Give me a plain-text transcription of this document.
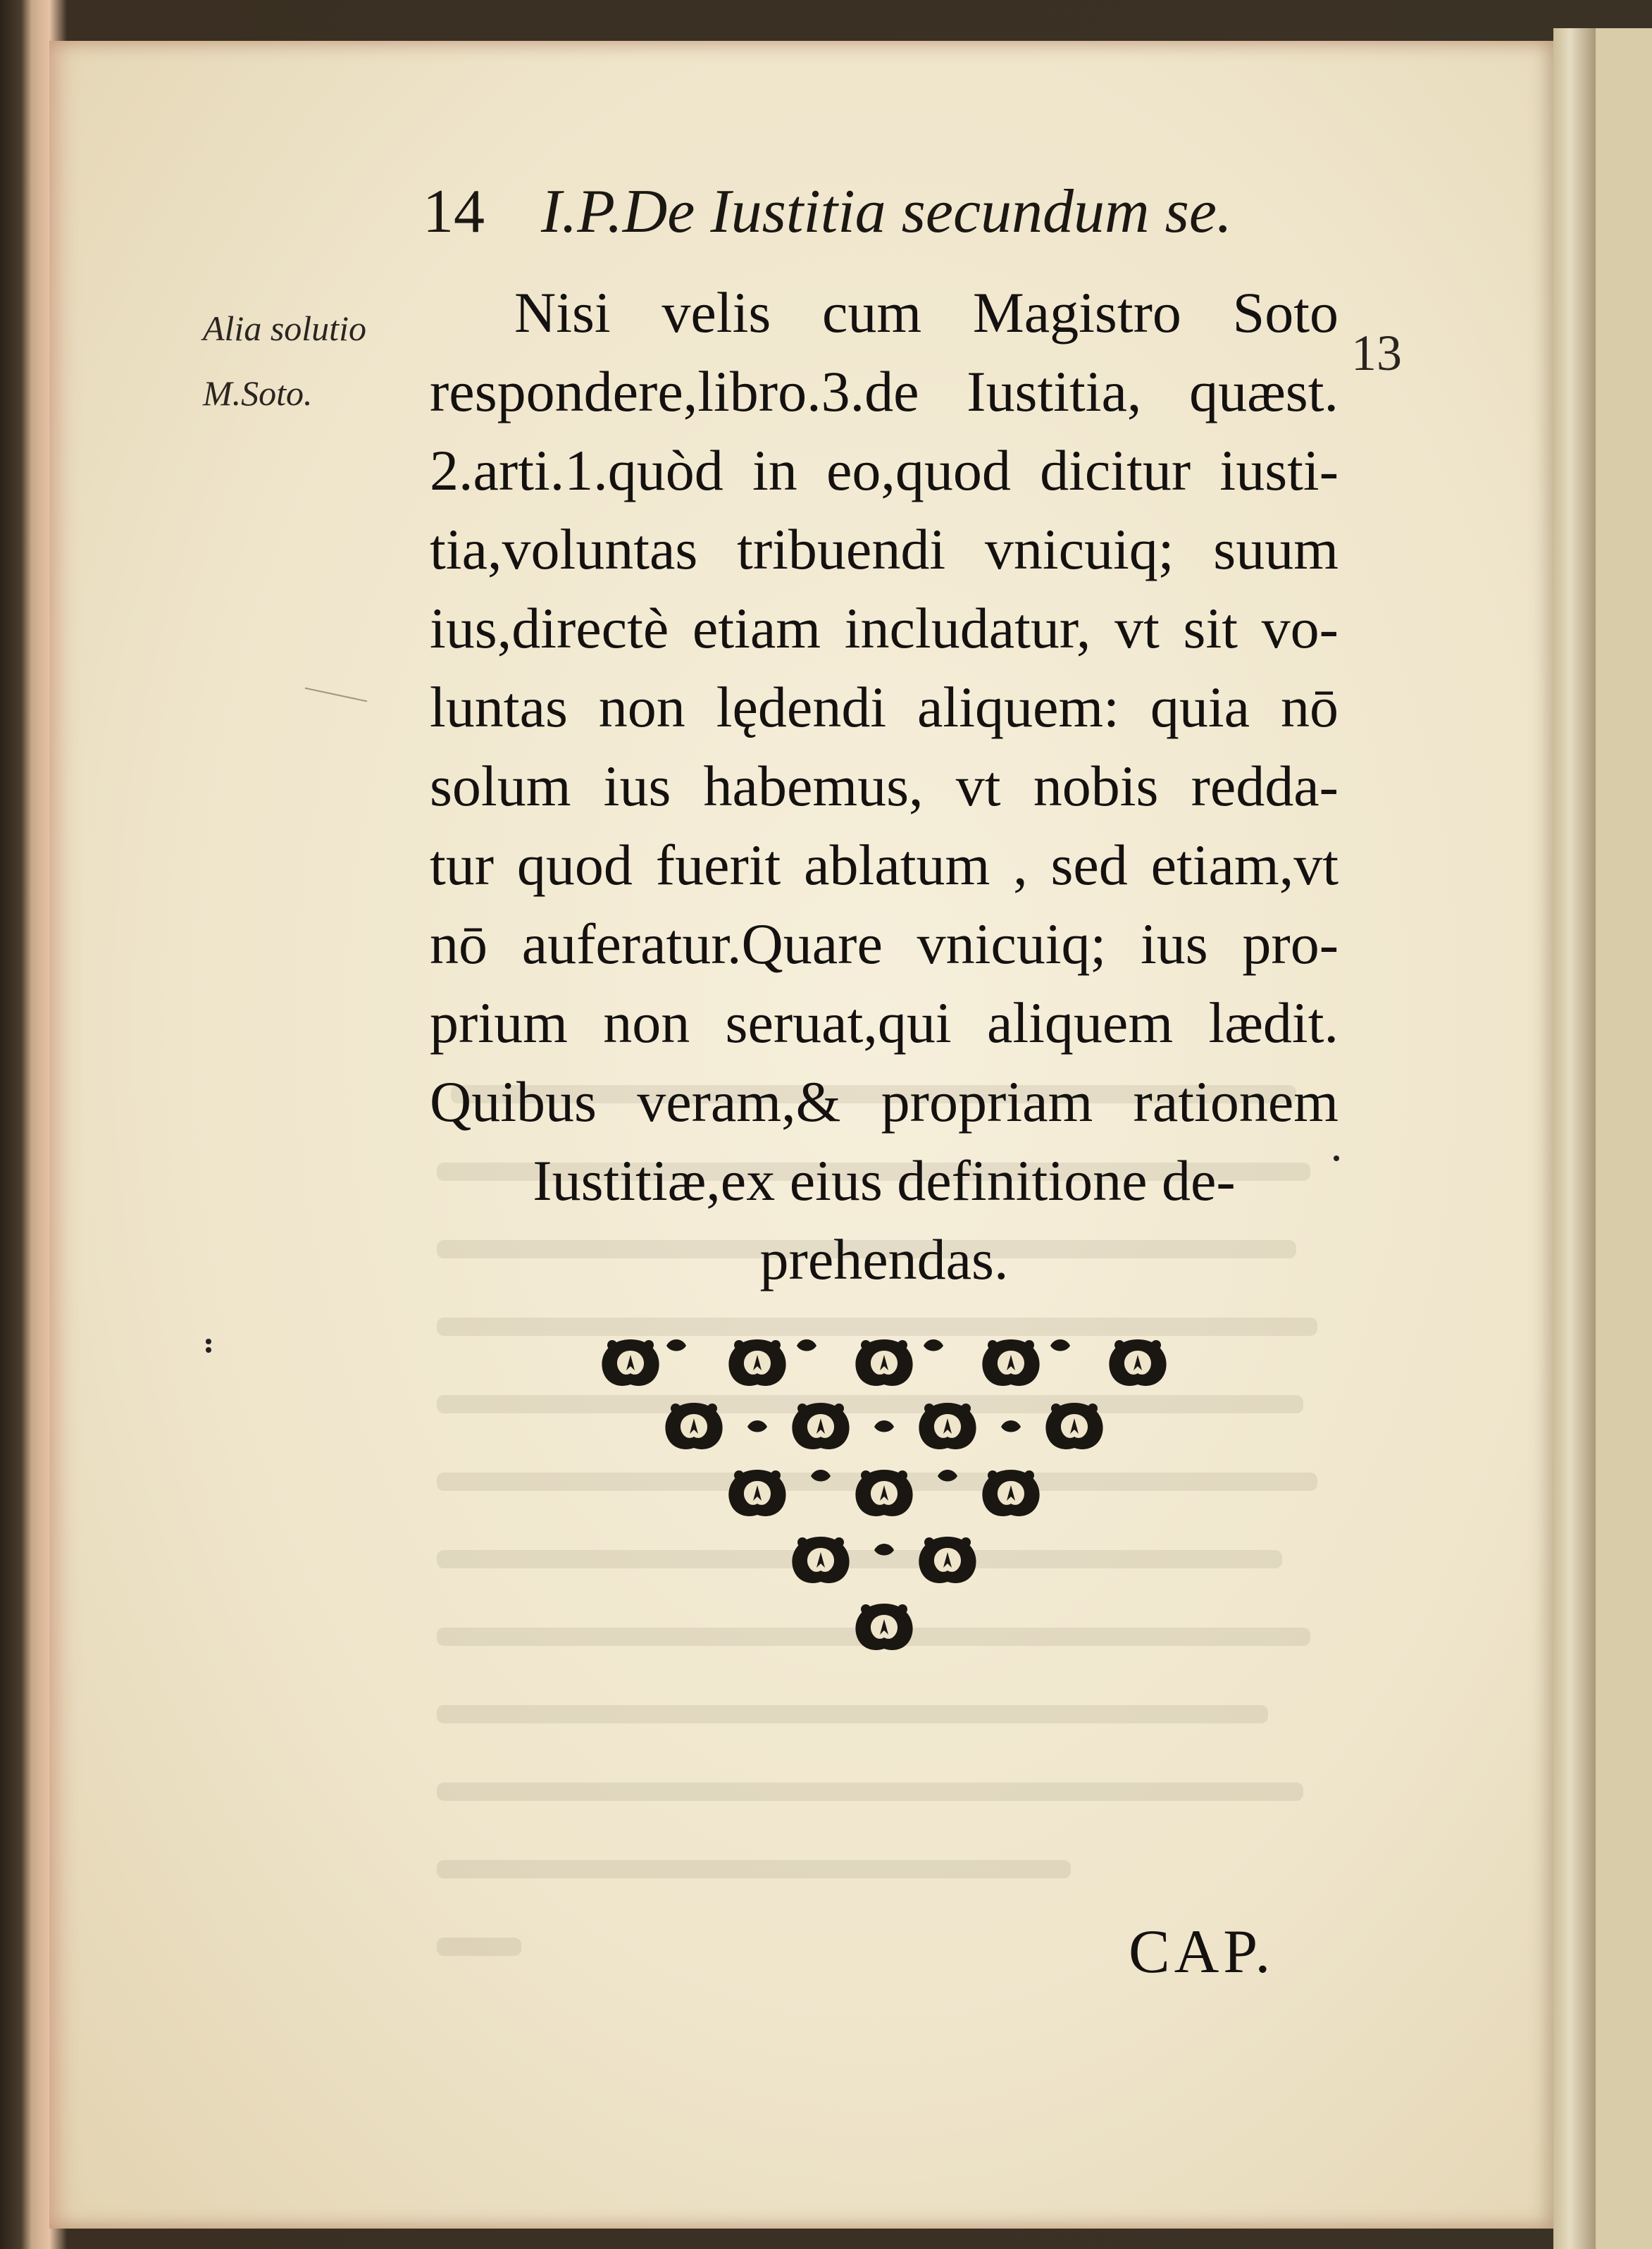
14 I.P.De Iustitia secundum se.
Alia solutio
M.Soto.
13
Nisi velis cum Magistro Soto
respondere,libro.3.de Iustitia, quæst.
2.arti.1.quòd in eo,quod dicitur iusti-
tia,voluntas tribuendi vnicuiq; suum
ius,directè etiam includatur, vt sit vo-
luntas non lędendi aliquem: quia nō
solum ius habemus, vt nobis redda-
tur quod fuerit ablatum , sed etiam,vt
nō auferatur.Quare vnicuiq; ius pro-
prium non seruat,qui aliquem lædit.
Quibus veram,& propriam rationem
Iustitiæ,ex eius definitione de-
prehendas.
CAP.
